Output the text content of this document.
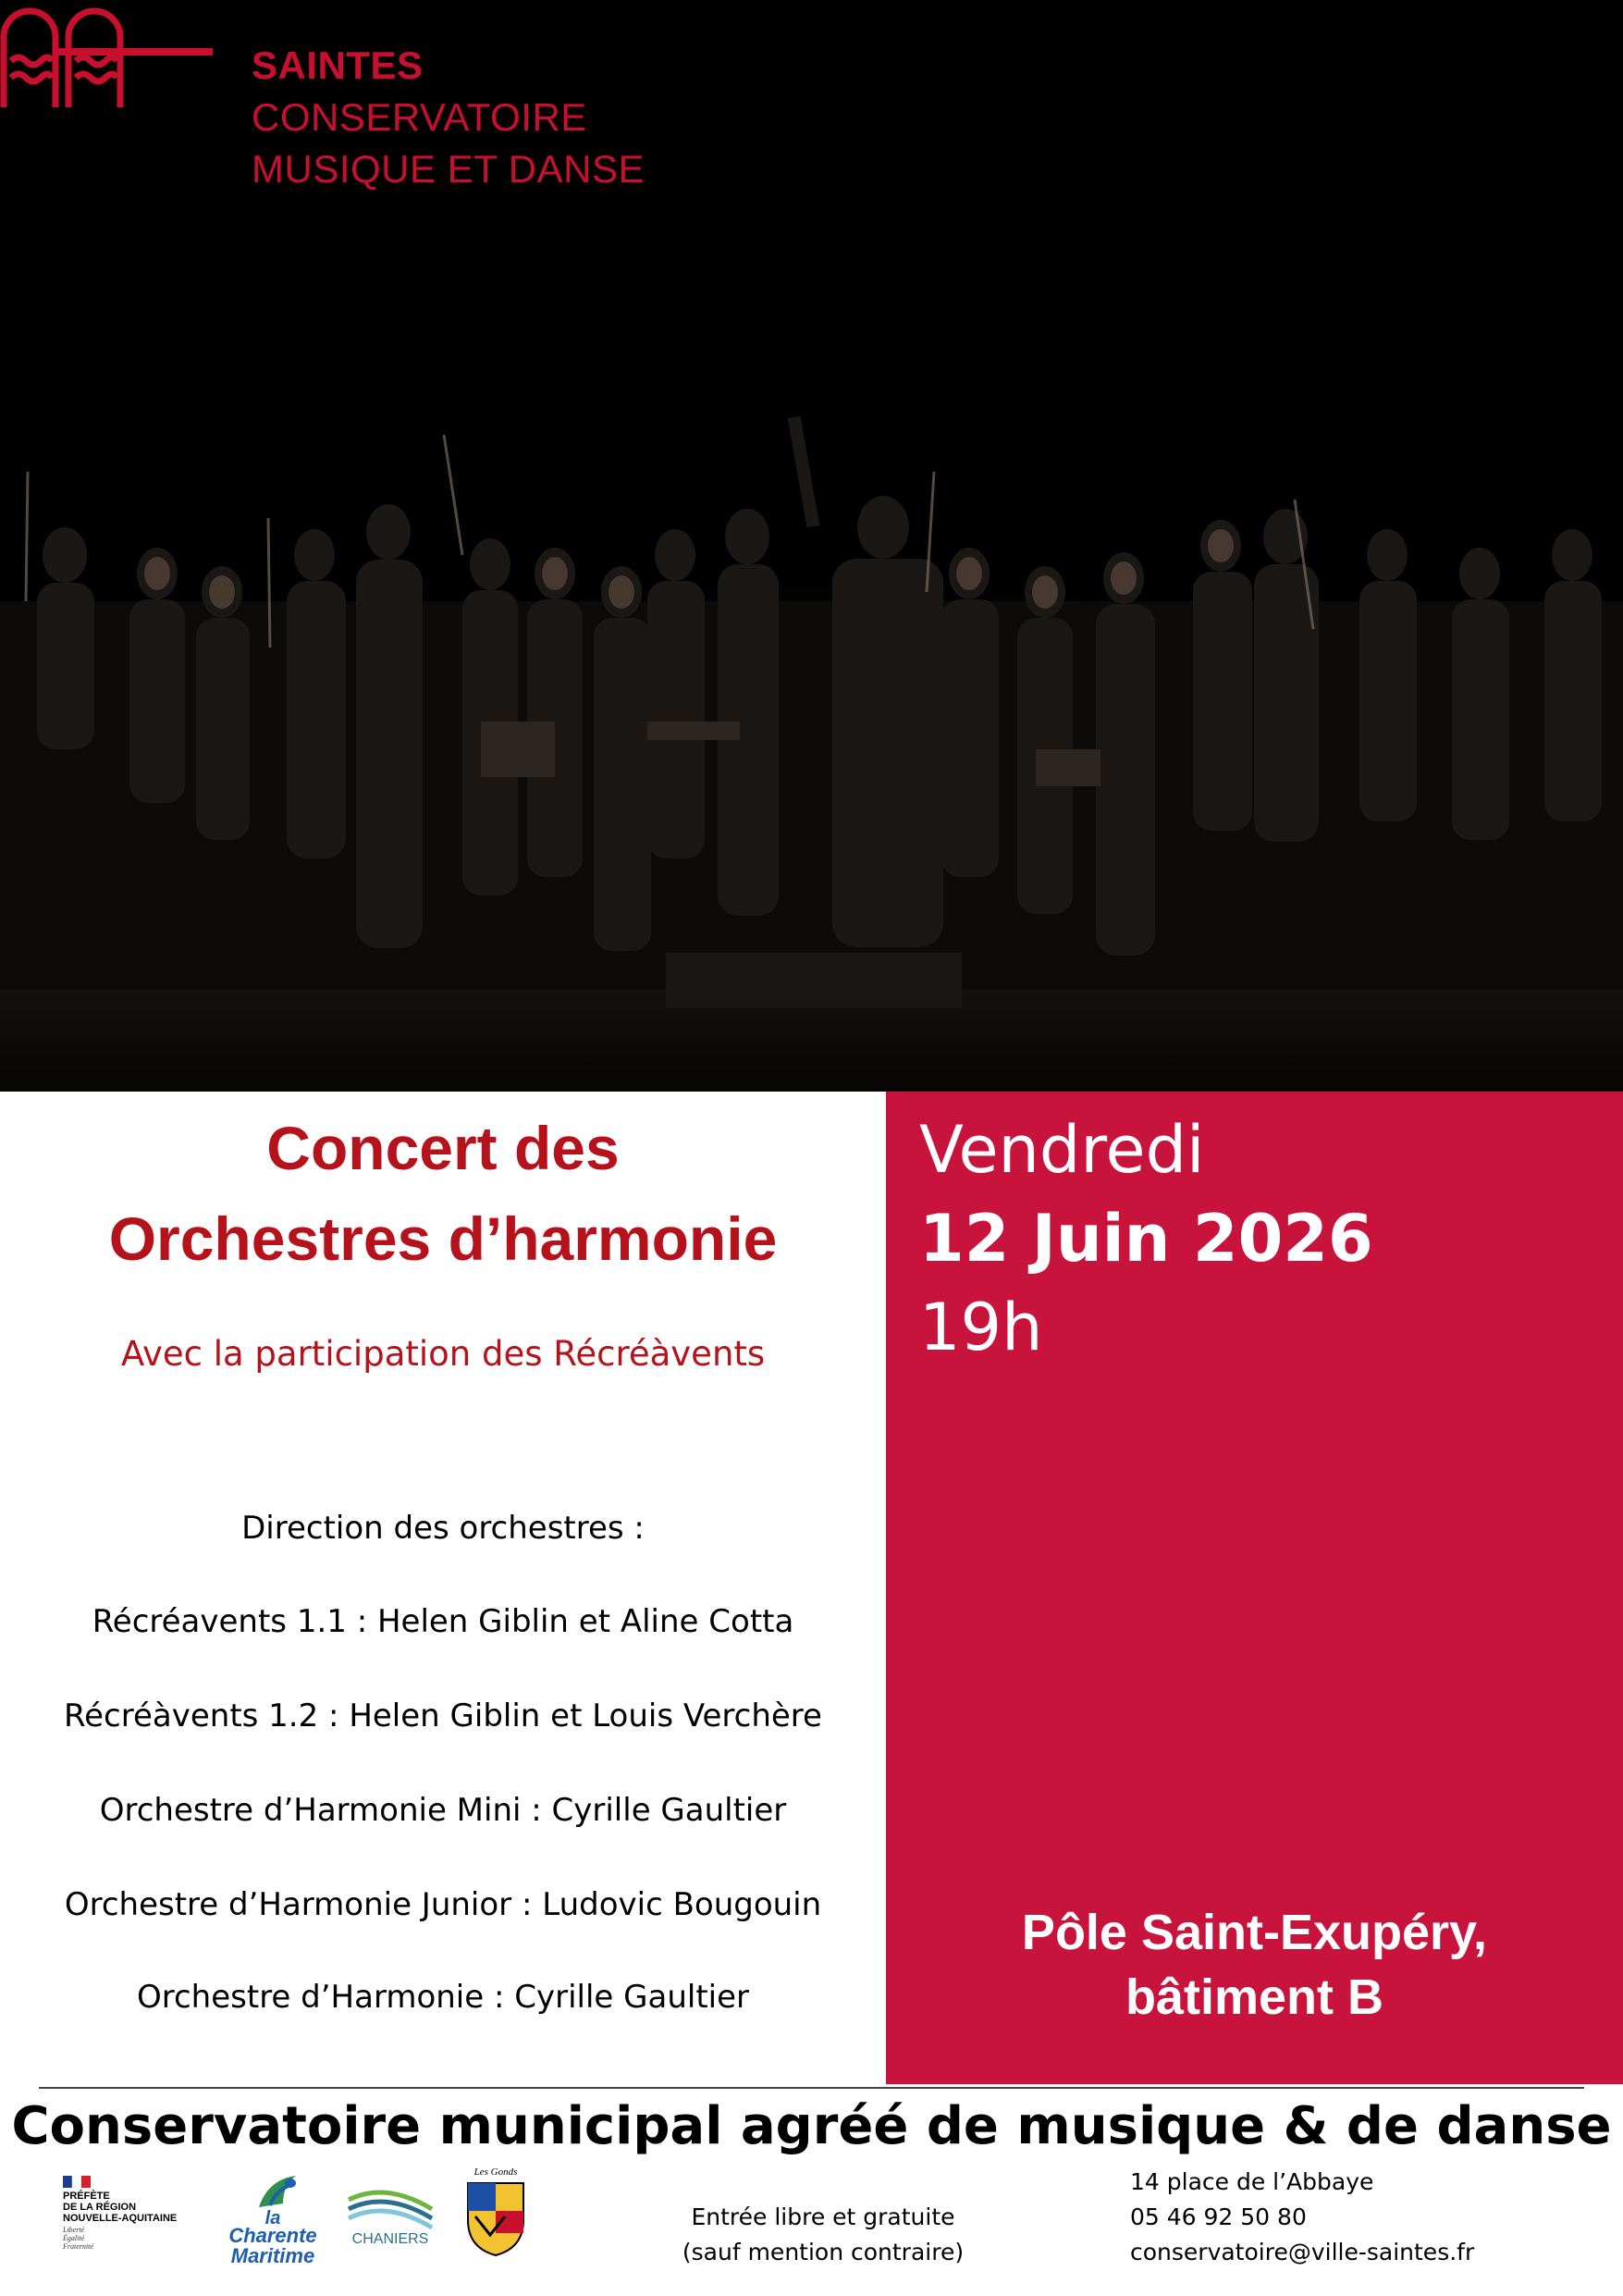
SAINTES
CONSERVATOIRE
MUSIQUE ET DANSE
Concert des
Orchestres d’harmonie
Avec la participation des Récréàvents
Direction des orchestres :
Récréavents 1.1 : Helen Giblin et Aline Cotta
Récréàvents 1.2 : Helen Giblin et Louis Verchère
Orchestre d’Harmonie Mini : Cyrille Gaultier
Orchestre d’Harmonie Junior : Ludovic Bougouin
Orchestre d’Harmonie : Cyrille Gaultier
Vendredi
12 Juin 2026
19h
Pôle Saint-Exupéry,
bâtiment B
Conservatoire municipal agréé de musique & de danse
PRÉFÈTE
DE LA RÉGION
NOUVELLE-AQUITAINE
Liberté
Égalité
Fraternité
la
Charente
Maritime
CHANIERS
Les Gonds
Entrée libre et gratuite
(sauf mention contraire)
14 place de l’Abbaye
05 46 92 50 80
conservatoire@ville-saintes.fr
